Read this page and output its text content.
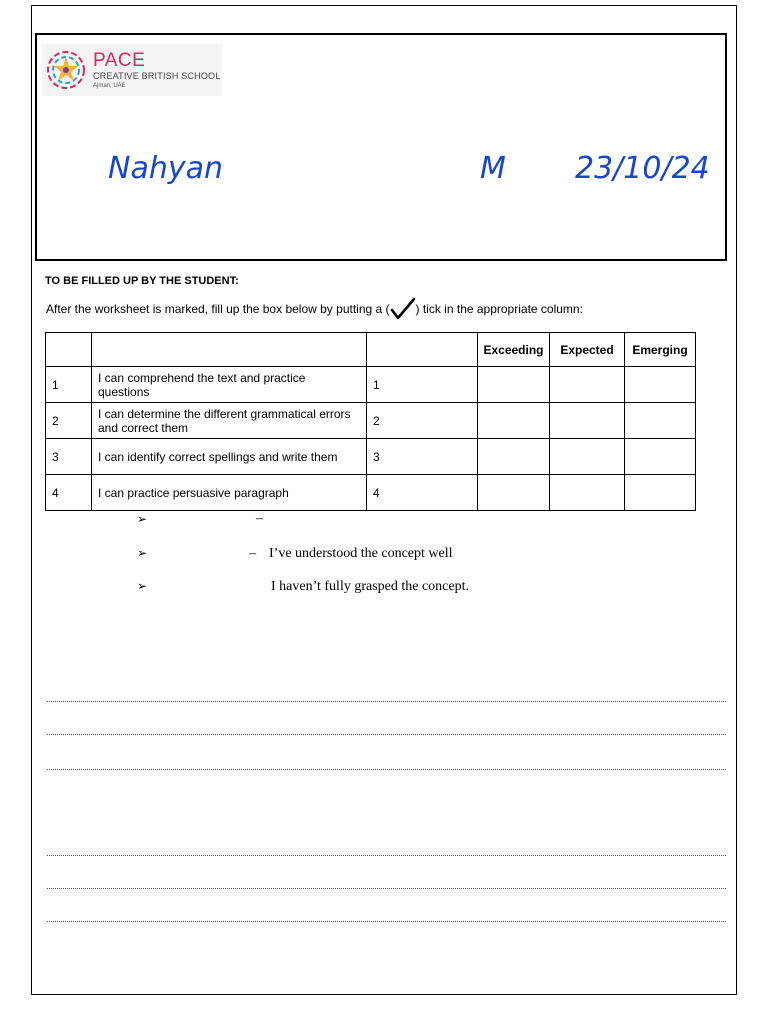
PACE
CREATIVE BRITISH SCHOOL
Ajman, UAE
Nahyan	M 23/10/24
TO BE FILLED UP BY THE STUDENT:
After the worksheet is marked, fill up the box below by putting a ( ) tick in the appropriate column:
			Exceeding	Expected	Emerging
1	I can comprehend the text and practice questions	1			
2	I can determine the different grammatical errors and correct them	2			
3	I can identify correct spellings and write them	3			
4	I can practice persuasive paragraph	4			
➢	–
➢	– I’ve understood the concept well
➢	I haven’t fully grasped the concept.
